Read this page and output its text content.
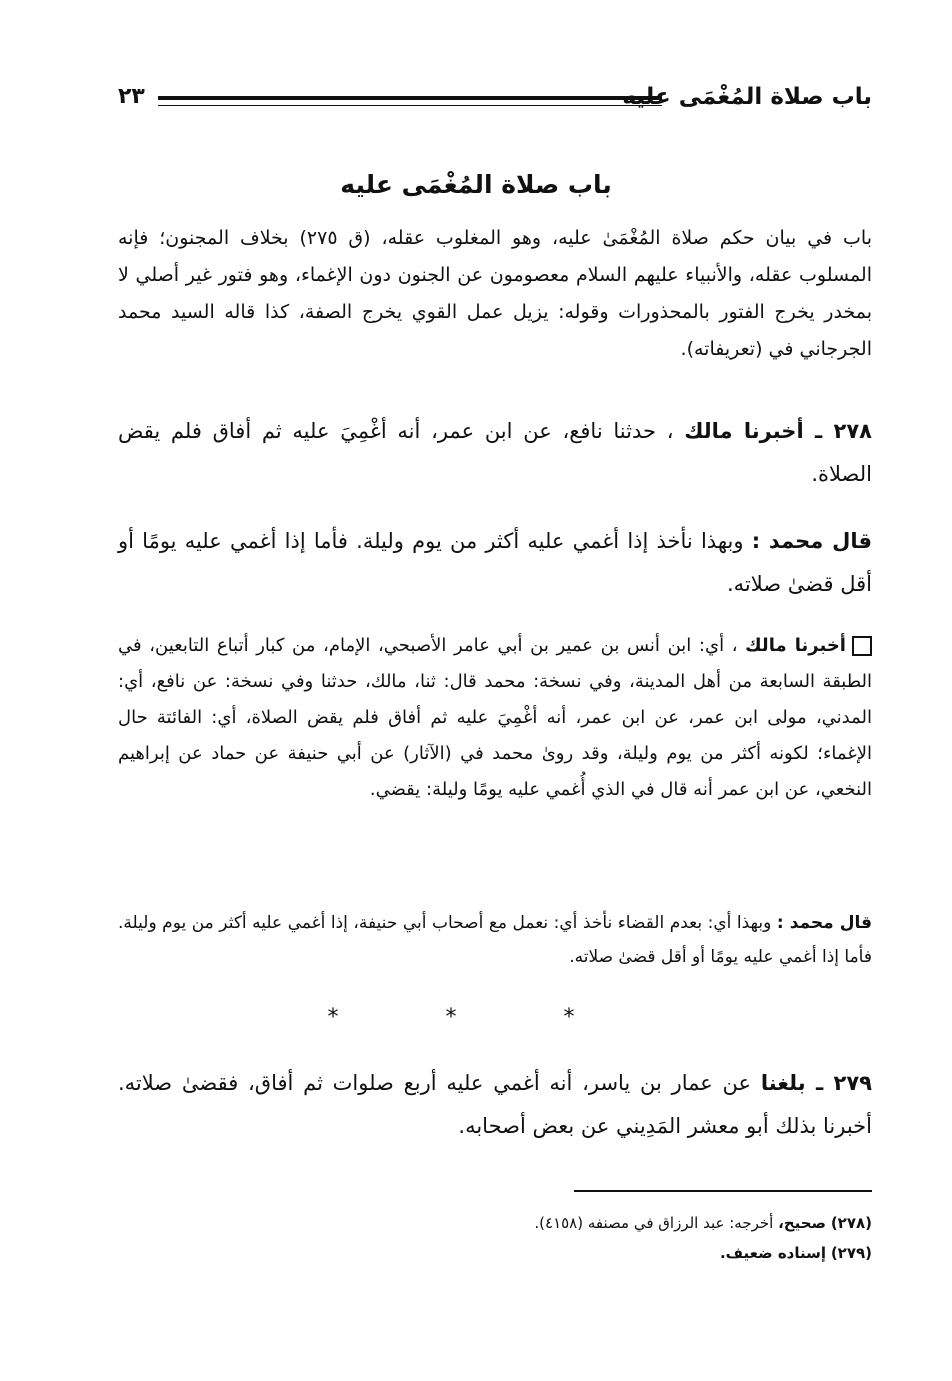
باب صلاة المُغْمَى عليه
٢٣
باب صلاة المُغْمَى عليه

باب في بيان حكم صلاة المُغْمَىٰ عليه، وهو المغلوب عقله، (ق ٢٧٥) بخلاف المجنون؛ فإنه المسلوب عقله، والأنبياء عليهم السلام معصومون عن الجنون دون الإغماء، وهو فتور غير أصلي لا بمخدر يخرج الفتور بالمحذورات وقوله: يزيل عمل القوي يخرج الصفة، كذا قاله السيد محمد الجرجاني في (تعريفاته).

٢٧٨ ـ أخبرنا مالك ، حدثنا نافع، عن ابن عمر، أنه أغْمِيَ عليه ثم أفاق فلم يقض الصلاة.

قال محمد : وبهذا نأخذ إذا أغمي عليه أكثر من يوم وليلة. فأما إذا أغمي عليه يومًا أو أقل قضىٰ صلاته.

أخبرنا مالك ، أي: ابن أنس بن عمير بن أبي عامر الأصبحي، الإمام، من كبار أتباع التابعين، في الطبقة السابعة من أهل المدينة، وفي نسخة: محمد قال: ثنا، مالك، حدثنا وفي نسخة: عن نافع، أي: المدني، مولى ابن عمر، عن ابن عمر، أنه أغْمِيَ عليه ثم أفاق فلم يقض الصلاة، أي: الفائتة حال الإغماء؛ لكونه أكثر من يوم وليلة، وقد روىٰ محمد في (الآثار) عن أبي حنيفة عن حماد عن إبراهيم النخعي، عن ابن عمر أنه قال في الذي أُغمي عليه يومًا وليلة: يقضي.

قال محمد : وبهذا أي: بعدم القضاء نأخذ أي: نعمل مع أصحاب أبي حنيفة، إذا أغمي عليه أكثر من يوم وليلة. فأما إذا أغمي عليه يومًا أو أقل قضىٰ صلاته.

* * *

٢٧٩ ـ بلغنا عن عمار بن ياسر، أنه أغمي عليه أربع صلوات ثم أفاق، فقضىٰ صلاته. أخبرنا بذلك أبو معشر المَدِيني عن بعض أصحابه.

(٢٧٨) صحيح، أخرجه: عبد الرزاق في مصنفه (٤١٥٨).

(٢٧٩) إسناده ضعيف.
